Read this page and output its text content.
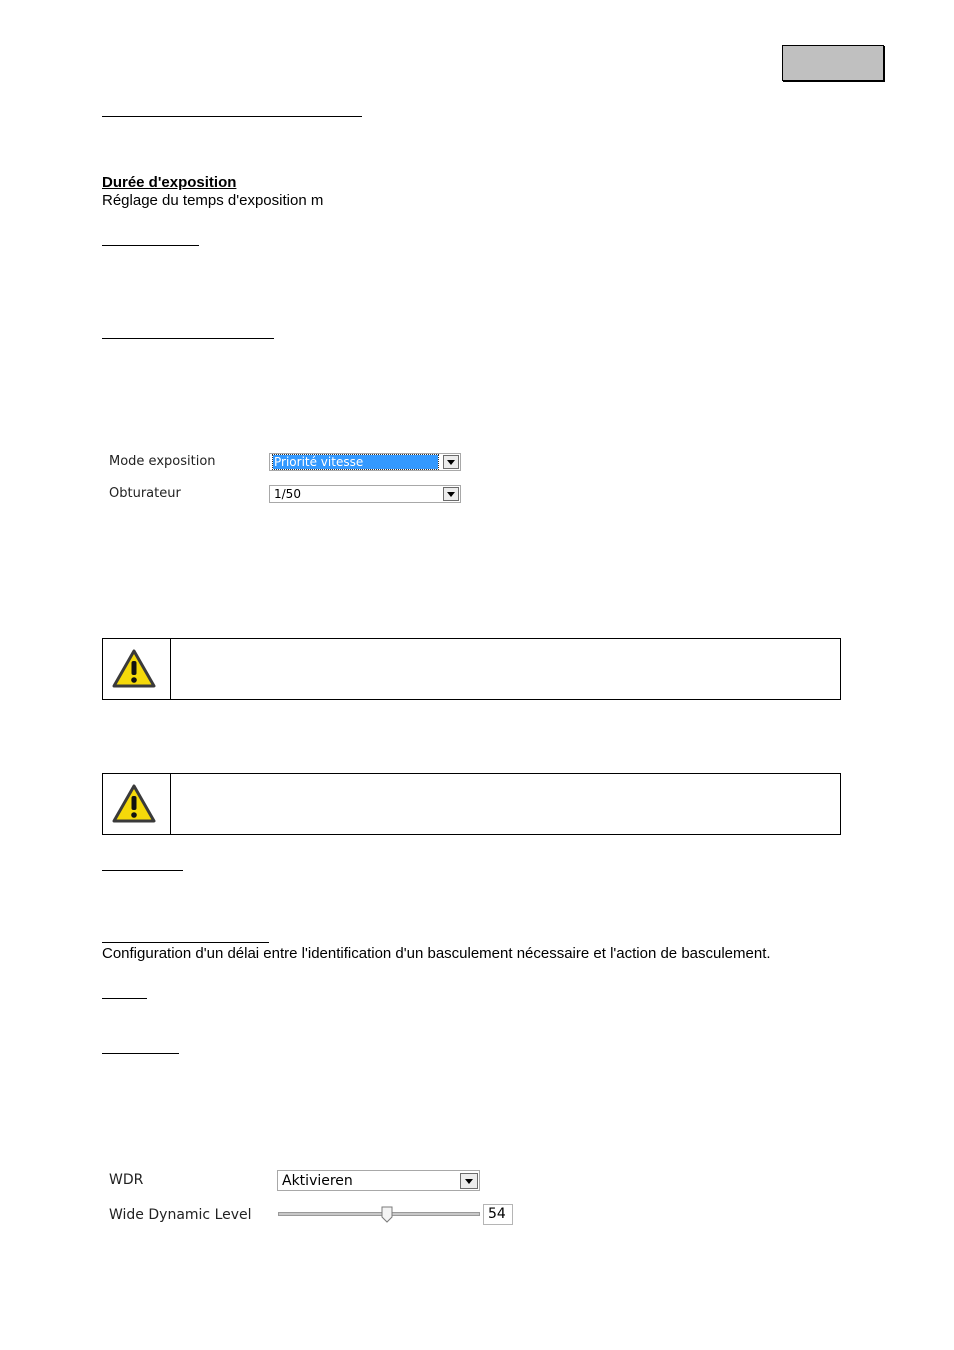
Durée d'exposition
Réglage du temps d'exposition m
Mode exposition	Priorité vitesse
Obturateur	1/50
Configuration d'un délai entre l'identification d'un basculement nécessaire et l'action de basculement.
WDR	Aktivieren
Wide Dynamic Level	54
